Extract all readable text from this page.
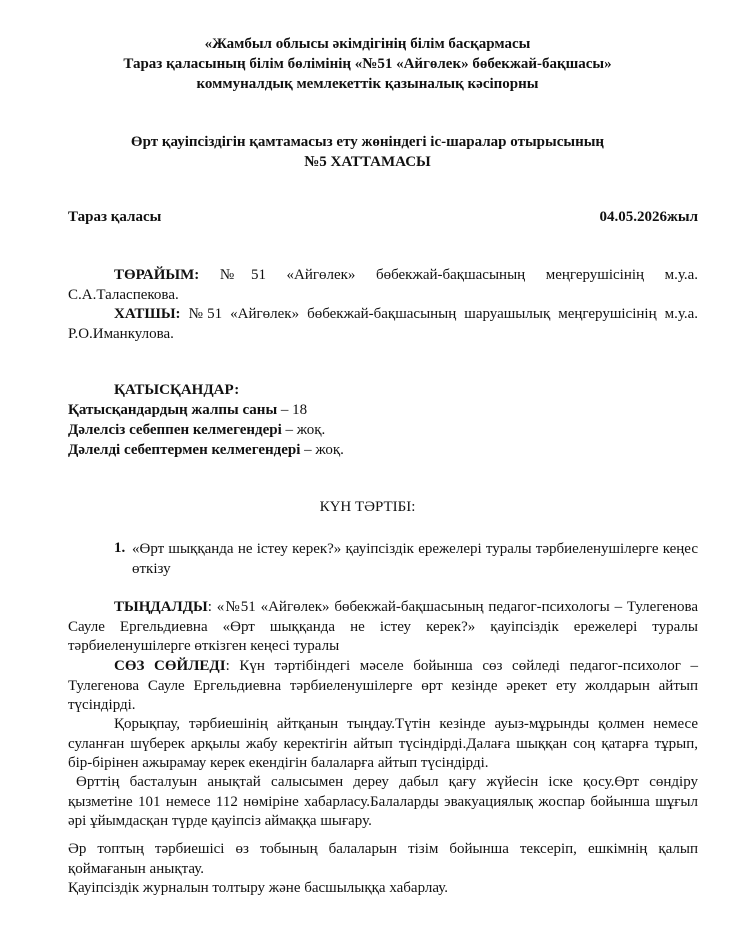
«Жамбыл облысы әкімдігінің білім басқармасы
Тараз қаласының білім бөлімінің «№51 «Айгөлек» бөбекжай-бақшасы»
коммуналдық мемлекеттік қазыналық кәсіпорны
Өрт қауіпсіздігін қамтамасыз ету жөніндегі іс-шаралар отырысының
№5 ХАТТАМАСЫ
Тараз қаласы	04.05.2026жыл
ТӨРАЙЫМ: №51 «Айгөлек» бөбекжай-бақшасының меңгерушісінің м.у.а. С.А.Таласпекова.
ХАТШЫ: №51 «Айгөлек» бөбекжай-бақшасының шаруашылық меңгерушісінің м.у.а. Р.О.Иманкулова.
ҚАТЫСҚАНДАР:
Қатысқандардың жалпы саны – 18
Дәлелсіз себеппен келмегендері – жоқ.
Дәлелді себептермен келмегендері – жоқ.
КҮН ТӘРТІБІ:
1. «Өрт шыққанда не істеу керек?» қауіпсіздік ережелері туралы тәрбиеленушілерге кеңес өткізу
ТЫҢДАЛДЫ: «№51 «Айгөлек» бөбекжай-бақшасының педагог-психологы – Тулегенова Сауле Ергельдиевна «Өрт шыққанда не істеу керек?» қауіпсіздік ережелері туралы тәрбиеленушілерге өткізген кеңесі туралы
СӨЗ СӨЙЛЕДІ: Күн тәртібіндегі мәселе бойынша сөз сөйледі педагог-психолог – Тулегенова Сауле Ергельдиевна тәрбиеленушілерге өрт кезінде әрекет ету жолдарын айтып түсіндірді.
Қорықпау, тәрбиешінің айтқанын тыңдау.Түтін кезінде ауыз-мұрынды қолмен немесе суланған шүберек арқылы жабу керектігін айтып түсіндірді.Далаға шыққан соң қатарға тұрып, бір-бірінен ажырамау керек екендігін балаларға айтып түсіндірді.
Өрттің басталуын анықтай салысымен дереу дабыл қағу жүйесін іске қосу.Өрт сөндіру қызметіне 101 немесе 112 нөміріне хабарласу.Балаларды эвакуациялық жоспар бойынша шұғыл әрі ұйымдасқан түрде қауіпсіз аймаққа шығару.
Әр топтың тәрбиешісі өз тобының балаларын тізім бойынша тексеріп, ешкімнің қалып қоймағанын анықтау.
Қауіпсіздік журналын толтыру және басшылыққа хабарлау.
